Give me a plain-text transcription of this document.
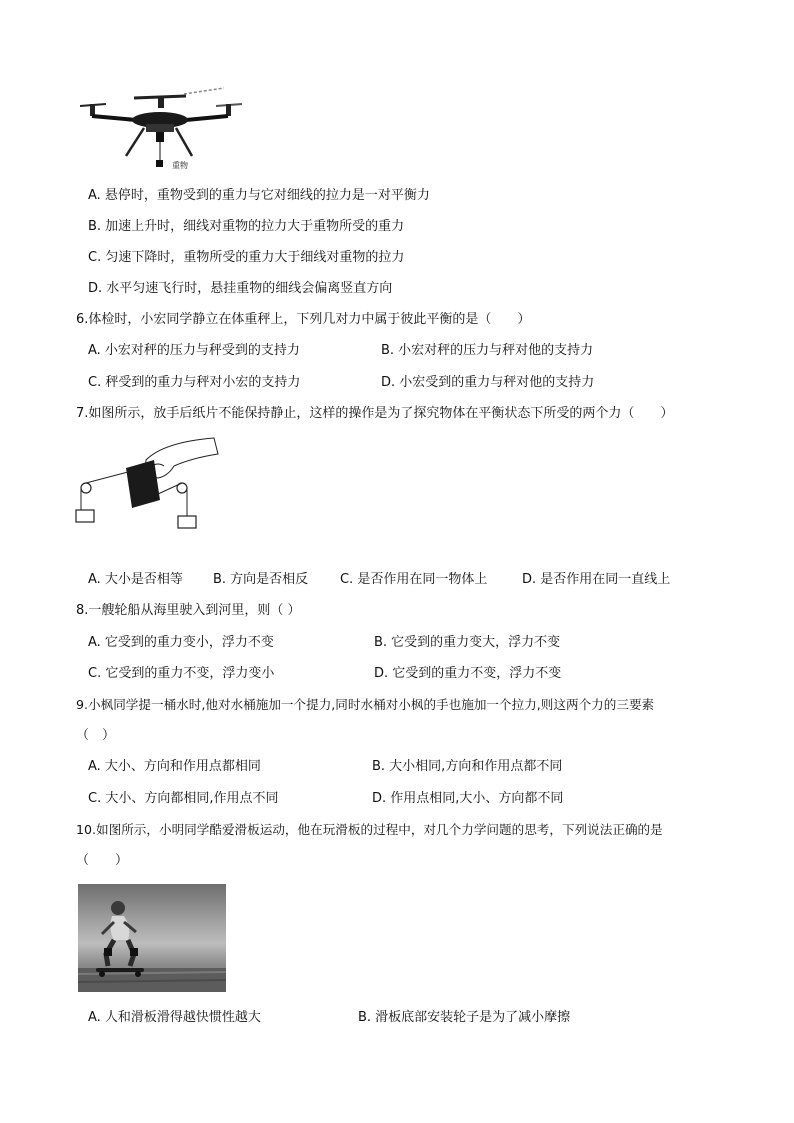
重物
A. 悬停时，重物受到的重力与它对细线的拉力是一对平衡力
B. 加速上升时，细线对重物的拉力大于重物所受的重力
C. 匀速下降时，重物所受的重力大于细线对重物的拉力
D. 水平匀速飞行时，悬挂重物的细线会偏离竖直方向
6.体检时，小宏同学静立在体重秤上，下列几对力中属于彼此平衡的是（　　）
A. 小宏对秤的压力与秤受到的支持力	B. 小宏对秤的压力与秤对他的支持力
C. 秤受到的重力与秤对小宏的支持力	D. 小宏受到的重力与秤对他的支持力
7.如图所示，放手后纸片不能保持静止，这样的操作是为了探究物体在平衡状态下所受的两个力（　　）
A. 大小是否相等 B. 方向是否相反 C. 是否作用在同一物体上	D. 是否作用在同一直线上
8.一艘轮船从海里驶入到河里，则（ ）
A. 它受到的重力变小，浮力不变	B. 它受到的重力变大，浮力不变
C. 它受到的重力不变，浮力变小	D. 它受到的重力不变，浮力不变
9.小枫同学提一桶水时,他对水桶施加一个提力,同时水桶对小枫的手也施加一个拉力,则这两个力的三要素
（　）
A. 大小、方向和作用点都相同	B. 大小相同,方向和作用点都不同
C. 大小、方向都相同,作用点不同	D. 作用点相同,大小、方向都不同
10.如图所示，小明同学酷爱滑板运动，他在玩滑板的过程中，对几个力学问题的思考，下列说法正确的是
（　　）
A. 人和滑板滑得越快惯性越大	B. 滑板底部安装轮子是为了减小摩擦
